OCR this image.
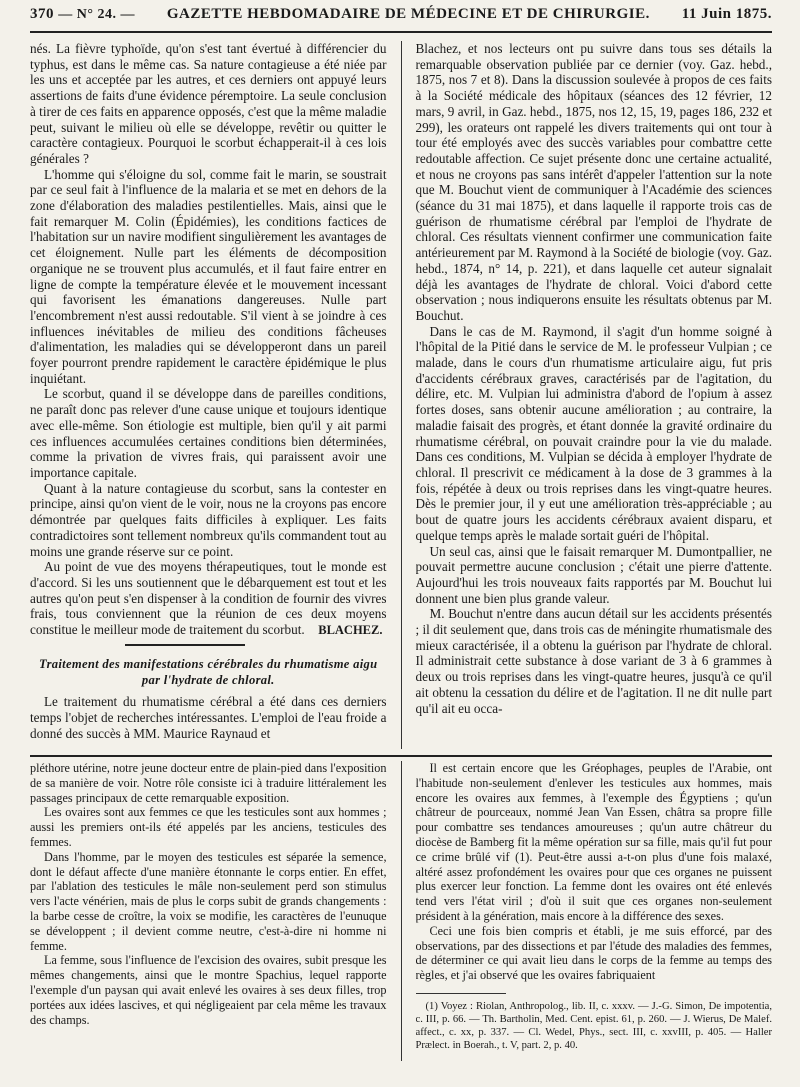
370 — N° 24. — GAZETTE HEBDOMADAIRE DE MÉDECINE ET DE CHIRURGIE. 11 Juin 1875.

nés. La fièvre typhoïde, qu'on s'est tant évertué à différencier du typhus, est dans le même cas. Sa nature contagieuse a été niée par les uns et acceptée par les autres, et ces derniers ont appuyé leurs assertions de faits d'une évidence péremptoire. La seule conclusion à tirer de ces faits en apparence opposés, c'est que la même maladie peut, suivant le milieu où elle se développe, revêtir ou quitter le caractère contagieux. Pourquoi le scorbut échapperait-il à ces lois générales ?

L'homme qui s'éloigne du sol, comme fait le marin, se soustrait par ce seul fait à l'influence de la malaria et se met en dehors de la zone d'élaboration des maladies pestilentielles. Mais, ainsi que le fait remarquer M. Colin (Épidémies), les conditions factices de l'habitation sur un navire modifient singulièrement les avantages de cet éloignement. Nulle part les éléments de décomposition organique ne se trouvent plus accumulés, et il faut faire entrer en ligne de compte la température élevée et le mouvement incessant qui favorisent les émanations dangereuses. Nulle part l'encombrement n'est aussi redoutable. S'il vient à se joindre à ces influences inévitables de milieu des conditions fâcheuses d'alimentation, les maladies qui se développeront dans un pareil foyer pourront prendre rapidement le caractère épidémique le plus inquiétant.

Le scorbut, quand il se développe dans de pareilles conditions, ne paraît donc pas relever d'une cause unique et toujours identique avec elle-même. Son étiologie est multiple, bien qu'il y ait parmi ces influences accumulées certaines conditions bien déterminées, comme la privation de vivres frais, qui paraissent avoir une importance capitale.

Quant à la nature contagieuse du scorbut, sans la contester en principe, ainsi qu'on vient de le voir, nous ne la croyons pas encore démontrée par quelques faits difficiles à expliquer. Les faits contradictoires sont tellement nombreux qu'ils commandent tout au moins une grande réserve sur ce point.

Au point de vue des moyens thérapeutiques, tout le monde est d'accord. Si les uns soutiennent que le débarquement est tout et les autres qu'on peut s'en dispenser à la condition de fournir des vivres frais, tous conviennent que la réunion de ces deux moyens constitue le meilleur mode de traitement du scorbut.	BLACHEZ.
Traitement des manifestations cérébrales du rhumatisme aigu par l'hydrate de chloral.

Le traitement du rhumatisme cérébral a été dans ces derniers temps l'objet de recherches intéressantes. L'emploi de l'eau froide a donné des succès à MM. Maurice Raynaud et

Blachez, et nos lecteurs ont pu suivre dans tous ses détails la remarquable observation publiée par ce dernier (voy. Gaz. hebd., 1875, nos 7 et 8). Dans la discussion soulevée à propos de ces faits à la Société médicale des hôpitaux (séances des 12 février, 12 mars, 9 avril, in Gaz. hebd., 1875, nos 12, 15, 19, pages 186, 232 et 299), les orateurs ont rappelé les divers traitements qui ont tour à tour été employés avec des succès variables pour combattre cette redoutable affection. Ce sujet présente donc une certaine actualité, et nous ne croyons pas sans intérêt d'appeler l'attention sur la note que M. Bouchut vient de communiquer à l'Académie des sciences (séance du 31 mai 1875), et dans laquelle il rapporte trois cas de guérison de rhumatisme cérébral par l'emploi de l'hydrate de chloral. Ces résultats viennent confirmer une communication faite antérieurement par M. Raymond à la Société de biologie (voy. Gaz. hebd., 1874, n° 14, p. 221), et dans laquelle cet auteur signalait déjà les avantages de l'hydrate de chloral. Voici d'abord cette observation ; nous indiquerons ensuite les résultats obtenus par M. Bouchut.

Dans le cas de M. Raymond, il s'agit d'un homme soigné à l'hôpital de la Pitié dans le service de M. le professeur Vulpian ; ce malade, dans le cours d'un rhumatisme articulaire aigu, fut pris d'accidents cérébraux graves, caractérisés par de l'agitation, du délire, etc. M. Vulpian lui administra d'abord de l'opium à assez fortes doses, sans obtenir aucune amélioration ; au contraire, la maladie faisait des progrès, et étant donnée la gravité ordinaire du rhumatisme cérébral, on pouvait craindre pour la vie du malade. Dans ces conditions, M. Vulpian se décida à employer l'hydrate de chloral. Il prescrivit ce médicament à la dose de 3 grammes à la fois, répétée à deux ou trois reprises dans les vingt-quatre heures. Dès le premier jour, il y eut une amélioration très-appréciable ; au bout de quatre jours les accidents cérébraux avaient disparu, et quelque temps après le malade sortait guéri de l'hôpital.

Un seul cas, ainsi que le faisait remarquer M. Dumontpallier, ne pouvait permettre aucune conclusion ; c'était une pierre d'attente. Aujourd'hui les trois nouveaux faits rapportés par M. Bouchut lui donnent une bien plus grande valeur.

M. Bouchut n'entre dans aucun détail sur les accidents présentés ; il dit seulement que, dans trois cas de méningite rhumatismale des mieux caractérisée, il a obtenu la guérison par l'hydrate de chloral. Il administrait cette substance à dose variant de 3 à 6 grammes à deux ou trois reprises dans les vingt-quatre heures, jusqu'à ce qu'il ait obtenu la cessation du délire et de l'agitation. Il ne dit nulle part qu'il ait eu occa-

pléthore utérine, notre jeune docteur entre de plain-pied dans l'exposition de sa manière de voir. Notre rôle consiste ici à traduire littéralement les passages principaux de cette remarquable exposition.

Les ovaires sont aux femmes ce que les testicules sont aux hommes ; aussi les premiers ont-ils été appelés par les anciens, testicules des femmes.

Dans l'homme, par le moyen des testicules est séparée la semence, dont le défaut affecte d'une manière étonnante le corps entier. En effet, par l'ablation des testicules le mâle non-seulement perd son stimulus vers l'acte vénérien, mais de plus le corps subit de grands changements : la barbe cesse de croître, la voix se modifie, les caractères de l'eunuque se développent ; il devient comme neutre, c'est-à-dire ni homme ni femme.

La femme, sous l'influence de l'excision des ovaires, subit presque les mêmes changements, ainsi que le montre Spachius, lequel rapporte l'exemple d'un paysan qui avait enlevé les ovaires à ses deux filles, trop portées aux idées lascives, et qui négligeaient par cela même les travaux des champs.

Il est certain encore que les Gréophages, peuples de l'Arabie, ont l'habitude non-seulement d'enlever les testicules aux hommes, mais encore les ovaires aux femmes, à l'exemple des Égyptiens ; qu'un châtreur de pourceaux, nommé Jean Van Essen, châtra sa propre fille pour combattre ses tendances amoureuses ; qu'un autre châtreur du diocèse de Bamberg fit la même opération sur sa fille, mais qu'il fut pour ce crime brûlé vif (1). Peut-être aussi a-t-on plus d'une fois malaxé, altéré assez profondément les ovaires pour que ces organes ne puissent plus exercer leur fonction. La femme dont les ovaires ont été enlevés tend vers l'état viril ; d'où il suit que ces organes non-seulement président à la génération, mais encore à la différence des sexes.

Ceci une fois bien compris et établi, je me suis efforcé, par des observations, par des dissections et par l'étude des maladies des femmes, de déterminer ce qui avait lieu dans le corps de la femme au temps des règles, et j'ai observé que les ovaires fabriquaient

(1) Voyez : Riolan, Anthropolog., lib. II, c. xxxv. — J.-G. Simon, De impotentia, c. III, p. 66. — Th. Bartholin, Med. Cent. epist. 61, p. 260. — J. Wierus, De Malef. affect., c. xx, p. 337. — Cl. Wedel, Phys., sect. III, c. xxvIII, p. 405. — Haller Prælect. in Boerah., t. V, part. 2, p. 40.
